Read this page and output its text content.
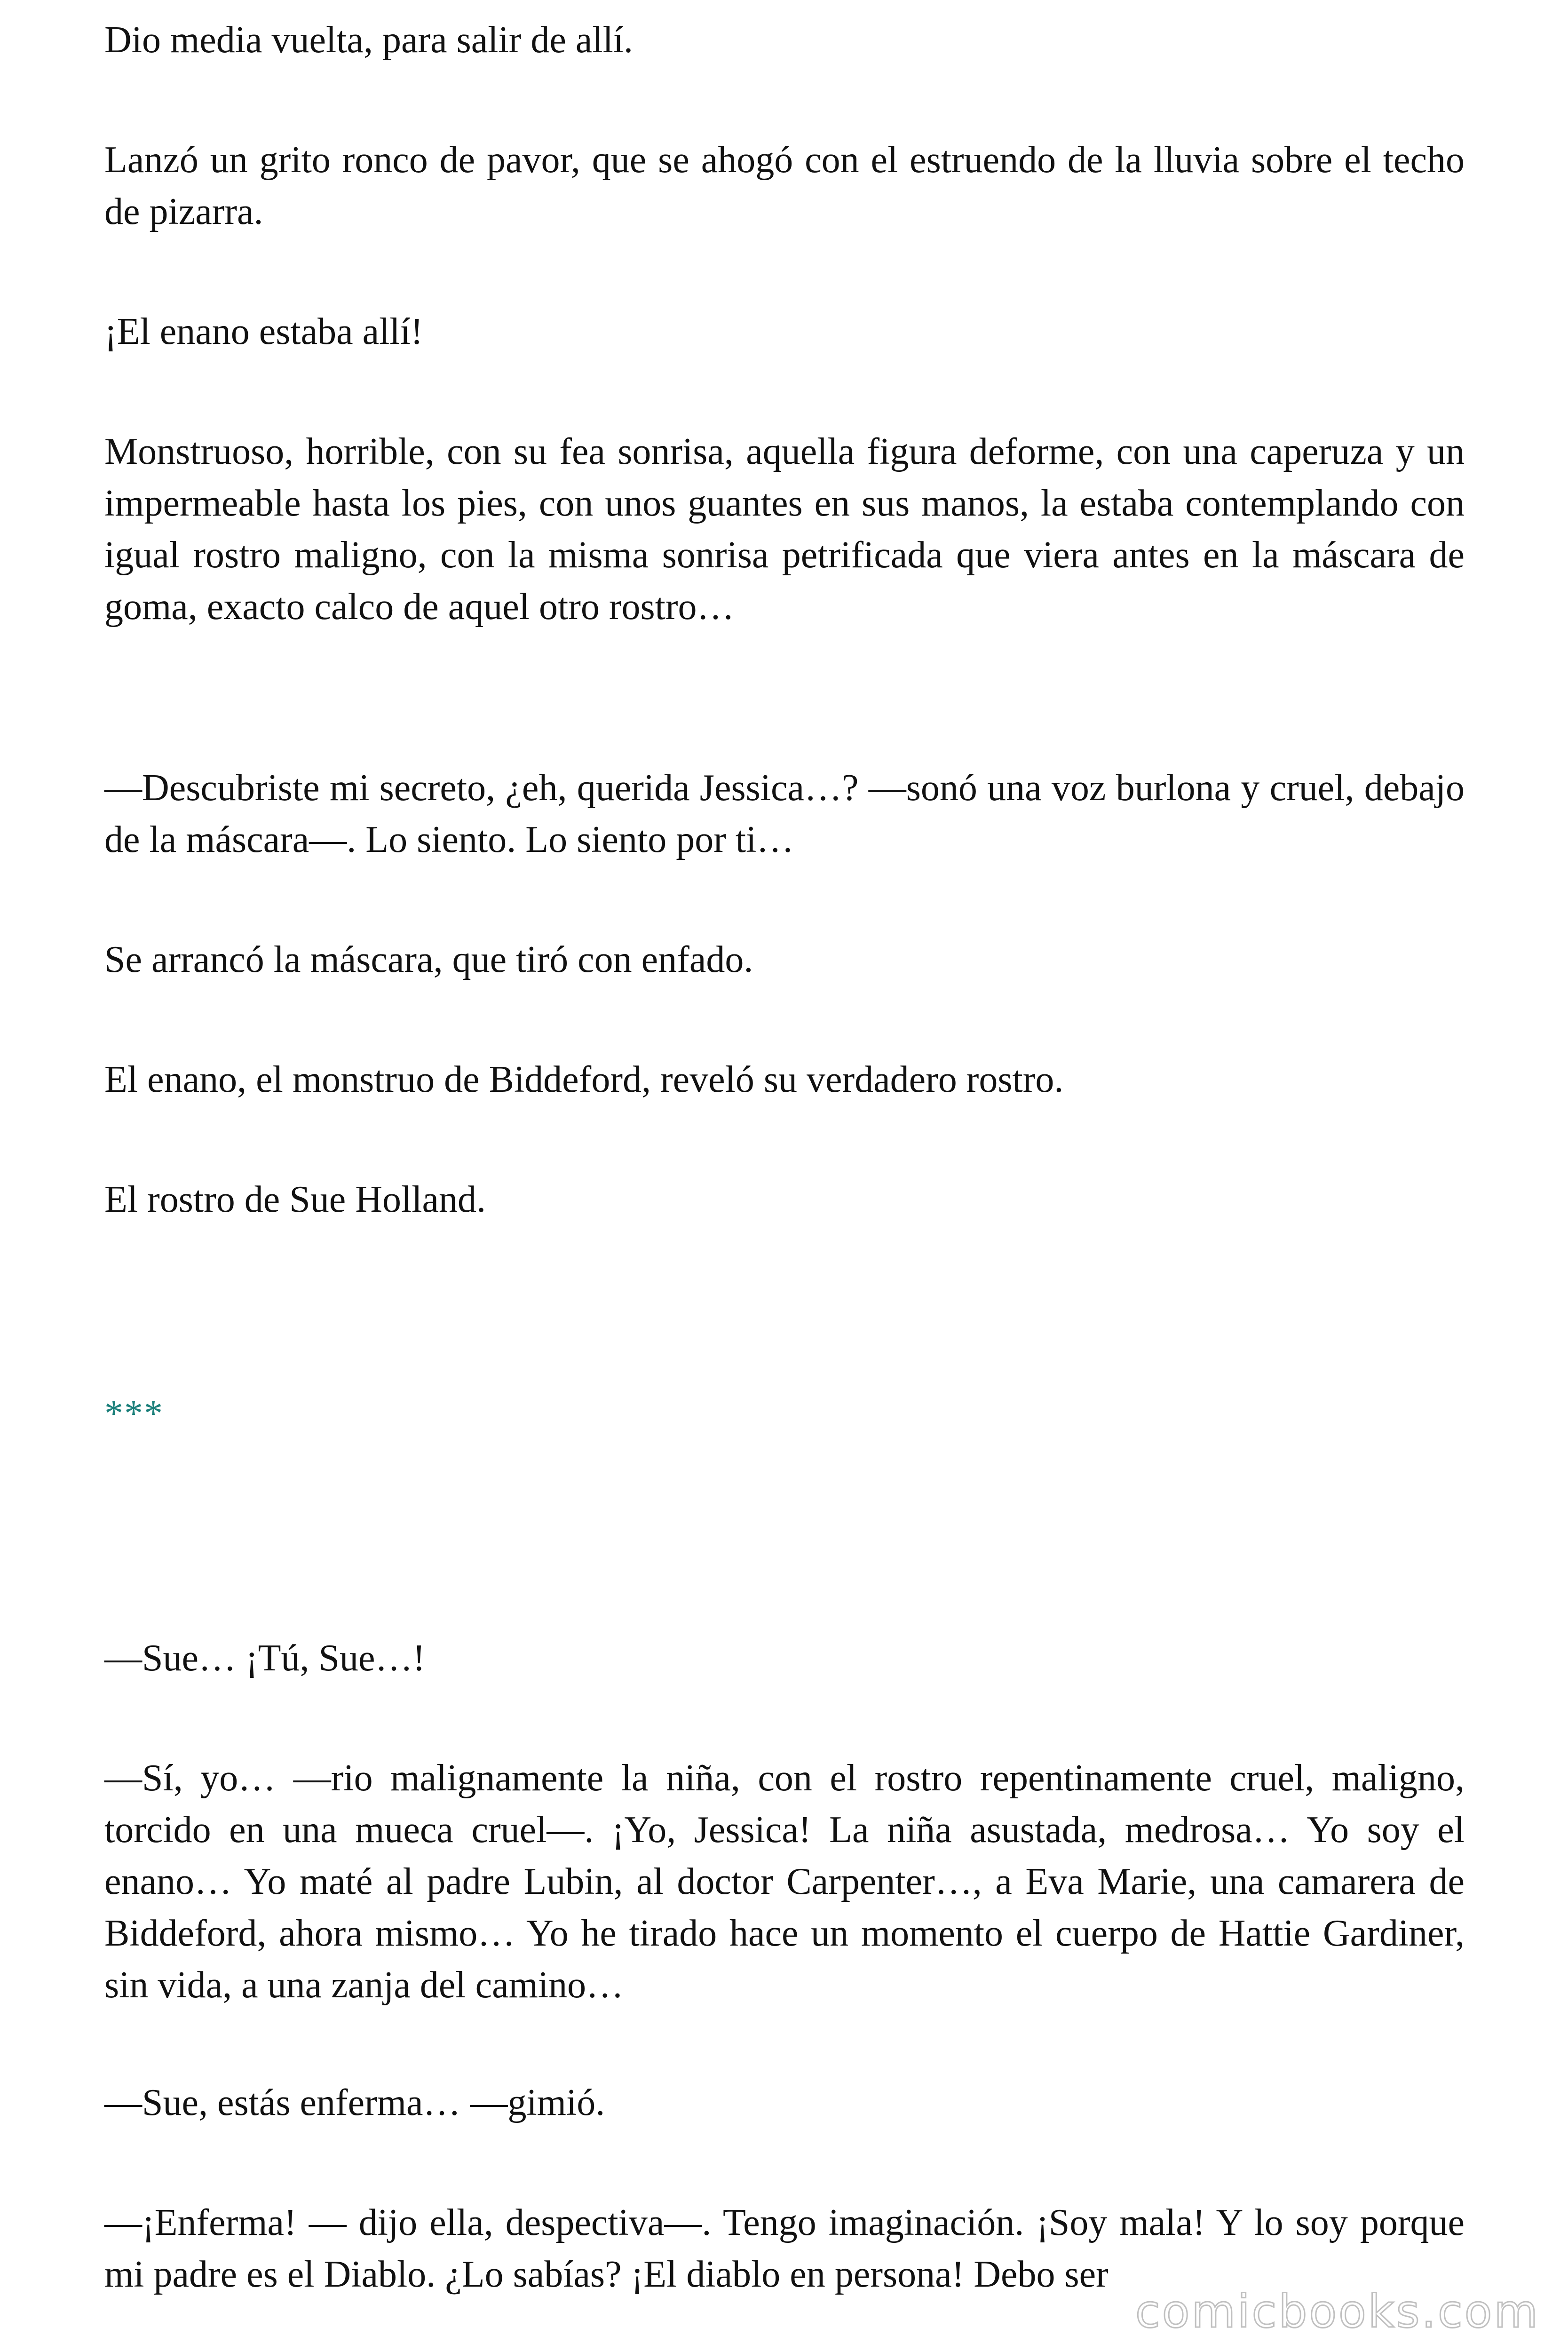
Dio media vuelta, para salir de allí.

Lanzó un grito ronco de pavor, que se ahogó con el estruendo de la lluvia sobre el techo de pizarra.

¡El enano estaba allí!

Monstruoso, horrible, con su fea sonrisa, aquella figura deforme, con una caperuza y un impermeable hasta los pies, con unos guantes en sus manos, la estaba contemplando con igual rostro maligno, con la misma sonrisa petrificada que viera antes en la máscara de goma, exacto calco de aquel otro rostro…

—Descubriste mi secreto, ¿eh, querida Jessica…? —sonó una voz burlona y cruel, debajo de la máscara—. Lo siento. Lo siento por ti…

Se arrancó la máscara, que tiró con enfado.

El enano, el monstruo de Biddeford, reveló su verdadero rostro.

El rostro de Sue Holland.

***

—Sue… ¡Tú, Sue…!

—Sí, yo… —rio malignamente la niña, con el rostro repentinamente cruel, maligno, torcido en una mueca cruel—. ¡Yo, Jessica! La niña asustada, medrosa… Yo soy el enano… Yo maté al padre Lubin, al doctor Carpenter…, a Eva Marie, una camarera de Biddeford, ahora mismo… Yo he tirado hace un momento el cuerpo de Hattie Gardiner, sin vida, a una zanja del camino…

—Sue, estás enferma… —gimió.

—¡Enferma! — dijo ella, despectiva—. Tengo imaginación. ¡Soy mala! Y lo soy porque mi padre es el Diablo. ¿Lo sabías? ¡El diablo en persona! Debo ser

comicbooks.com
